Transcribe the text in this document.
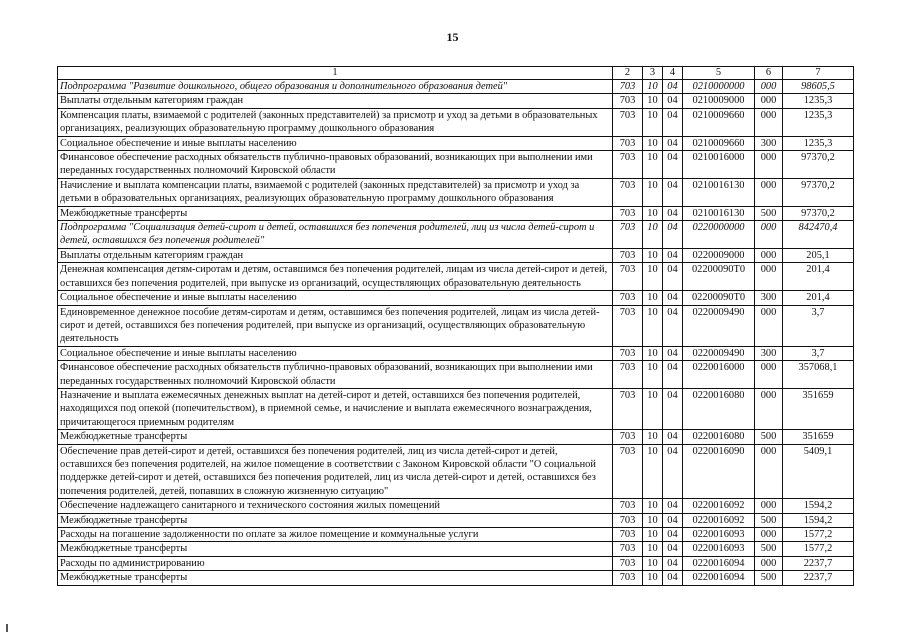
15
1	2	3	4	5	6	7
Подпрограмма "Развитие дошкольного, общего образования и дополнительного образования детей"	703	10	04	0210000000	000	98605,5
Выплаты отдельным категориям граждан	703	10	04	0210009000	000	1235,3
Компенсация платы, взимаемой с родителей (законных представителей) за присмотр и уход за детьми в образовательных организациях, реализующих образовательную программу дошкольного образования	703	10	04	0210009660	000	1235,3
Социальное обеспечение и иные выплаты населению	703	10	04	0210009660	300	1235,3
Финансовое обеспечение расходных обязательств публично-правовых образований, возникающих при выполнении ими переданных государственных полномочий Кировской области	703	10	04	0210016000	000	97370,2
Начисление и выплата компенсации платы, взимаемой с родителей (законных представителей) за присмотр и уход за детьми в образовательных организациях, реализующих образовательную программу дошкольного образования	703	10	04	0210016130	000	97370,2
Межбюджетные трансферты	703	10	04	0210016130	500	97370,2
Подпрограмма "Социализация детей-сирот и детей, оставшихся без попечения родителей, лиц из числа детей-сирот и детей, оставшихся без попечения родителей"	703	10	04	0220000000	000	842470,4
Выплаты отдельным категориям граждан	703	10	04	0220009000	000	205,1
Денежная компенсация детям-сиротам и детям, оставшимся без попечения родителей, лицам из числа детей-сирот и детей, оставшихся без попечения родителей, при выпуске из организаций, осуществляющих образовательную деятельность	703	10	04	02200090Т0	000	201,4
Социальное обеспечение и иные выплаты населению	703	10	04	02200090Т0	300	201,4
Единовременное денежное пособие детям-сиротам и детям, оставшимся без попечения родителей, лицам из числа детей-сирот и детей, оставшихся без попечения родителей, при выпуске из организаций, осуществляющих образовательную деятельность	703	10	04	0220009490	000	3,7
Социальное обеспечение и иные выплаты населению	703	10	04	0220009490	300	3,7
Финансовое обеспечение расходных обязательств публично-правовых образований, возникающих при выполнении ими переданных государственных полномочий Кировской области	703	10	04	0220016000	000	357068,1
Назначение и выплата ежемесячных денежных выплат на детей-сирот и детей, оставшихся без попечения родителей, находящихся под опекой (попечительством), в приемной семье, и начисление и выплата ежемесячного вознаграждения, причитающегося приемным родителям	703	10	04	0220016080	000	351659
Межбюджетные трансферты	703	10	04	0220016080	500	351659
Обеспечение прав детей-сирот и детей, оставшихся без попечения родителей, лиц из числа детей-сирот и детей, оставшихся без попечения родителей, на жилое помещение в соответствии с Законом Кировской области "О социальной поддержке детей-сирот и детей, оставшихся без попечения родителей, лиц из числа детей-сирот и детей, оставшихся без попечения родителей, детей, попавших в сложную жизненную ситуацию"	703	10	04	0220016090	000	5409,1
Обеспечение надлежащего санитарного и технического состояния жилых помещений	703	10	04	0220016092	000	1594,2
Межбюджетные трансферты	703	10	04	0220016092	500	1594,2
Расходы на погашение задолженности по оплате за жилое помещение и коммунальные услуги	703	10	04	0220016093	000	1577,2
Межбюджетные трансферты	703	10	04	0220016093	500	1577,2
Расходы по администрированию	703	10	04	0220016094	000	2237,7
Межбюджетные трансферты	703	10	04	0220016094	500	2237,7
